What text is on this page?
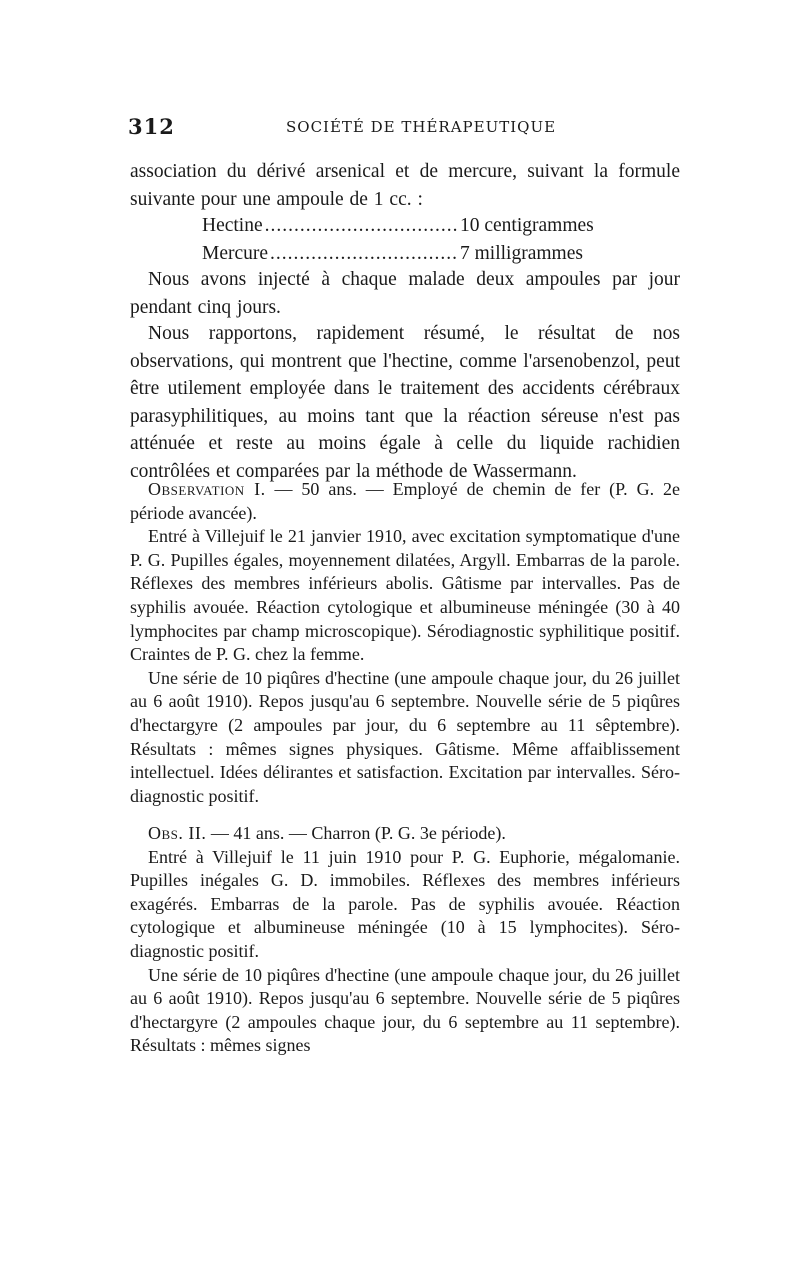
312	SOCIÉTÉ DE THÉRAPEUTIQUE

association du dérivé arsenical et de mercure, suivant la formule suivante pour une ampoule de 1 cc. :

Hectine .....	10 centigrammes
Mercure .....	7 milligrammes

Nous avons injecté à chaque malade deux ampoules par jour pendant cinq jours.

Nous rapportons, rapidement résumé, le résultat de nos observations, qui montrent que l'hectine, comme l'arsenobenzol, peut être utilement employée dans le traitement des accidents cérébraux parasyphilitiques, au moins tant que la réaction séreuse n'est pas atténuée et reste au moins égale à celle du liquide rachidien contrôlées et comparées par la méthode de Wassermann.

Observation I. — 50 ans. — Employé de chemin de fer (P. G. 2e période avancée).

Entré à Villejuif le 21 janvier 1910, avec excitation symptomatique d'une P. G. Pupilles égales, moyennement dilatées, Argyll. Embarras de la parole. Réflexes des membres inférieurs abolis. Gâtisme par intervalles. Pas de syphilis avouée. Réaction cytologique et albumineuse méningée (30 à 40 lymphocites par champ microscopique). Sérodiagnostic syphilitique positif. Craintes de P. G. chez la femme.

Une série de 10 piqûres d'hectine (une ampoule chaque jour, du 26 juillet au 6 août 1910). Repos jusqu'au 6 septembre. Nouvelle série de 5 piqûres d'hectargyre (2 ampoules par jour, du 6 septembre au 11 sêptembre). Résultats : mêmes signes physiques. Gâtisme. Même affaiblissement intellectuel. Idées délirantes et satisfaction. Excitation par intervalles. Séro-diagnostic positif.

Obs. II. — 41 ans. — Charron (P. G. 3e période).

Entré à Villejuif le 11 juin 1910 pour P. G. Euphorie, mégalomanie. Pupilles inégales G. D. immobiles. Réflexes des membres inférieurs exagérés. Embarras de la parole. Pas de syphilis avouée. Réaction cytologique et albumineuse méningée (10 à 15 lymphocites). Séro-diagnostic positif.

Une série de 10 piqûres d'hectine (une ampoule chaque jour, du 26 juillet au 6 août 1910). Repos jusqu'au 6 septembre. Nouvelle série de 5 piqûres d'hectargyre (2 ampoules chaque jour, du 6 septembre au 11 septembre). Résultats : mêmes signes
